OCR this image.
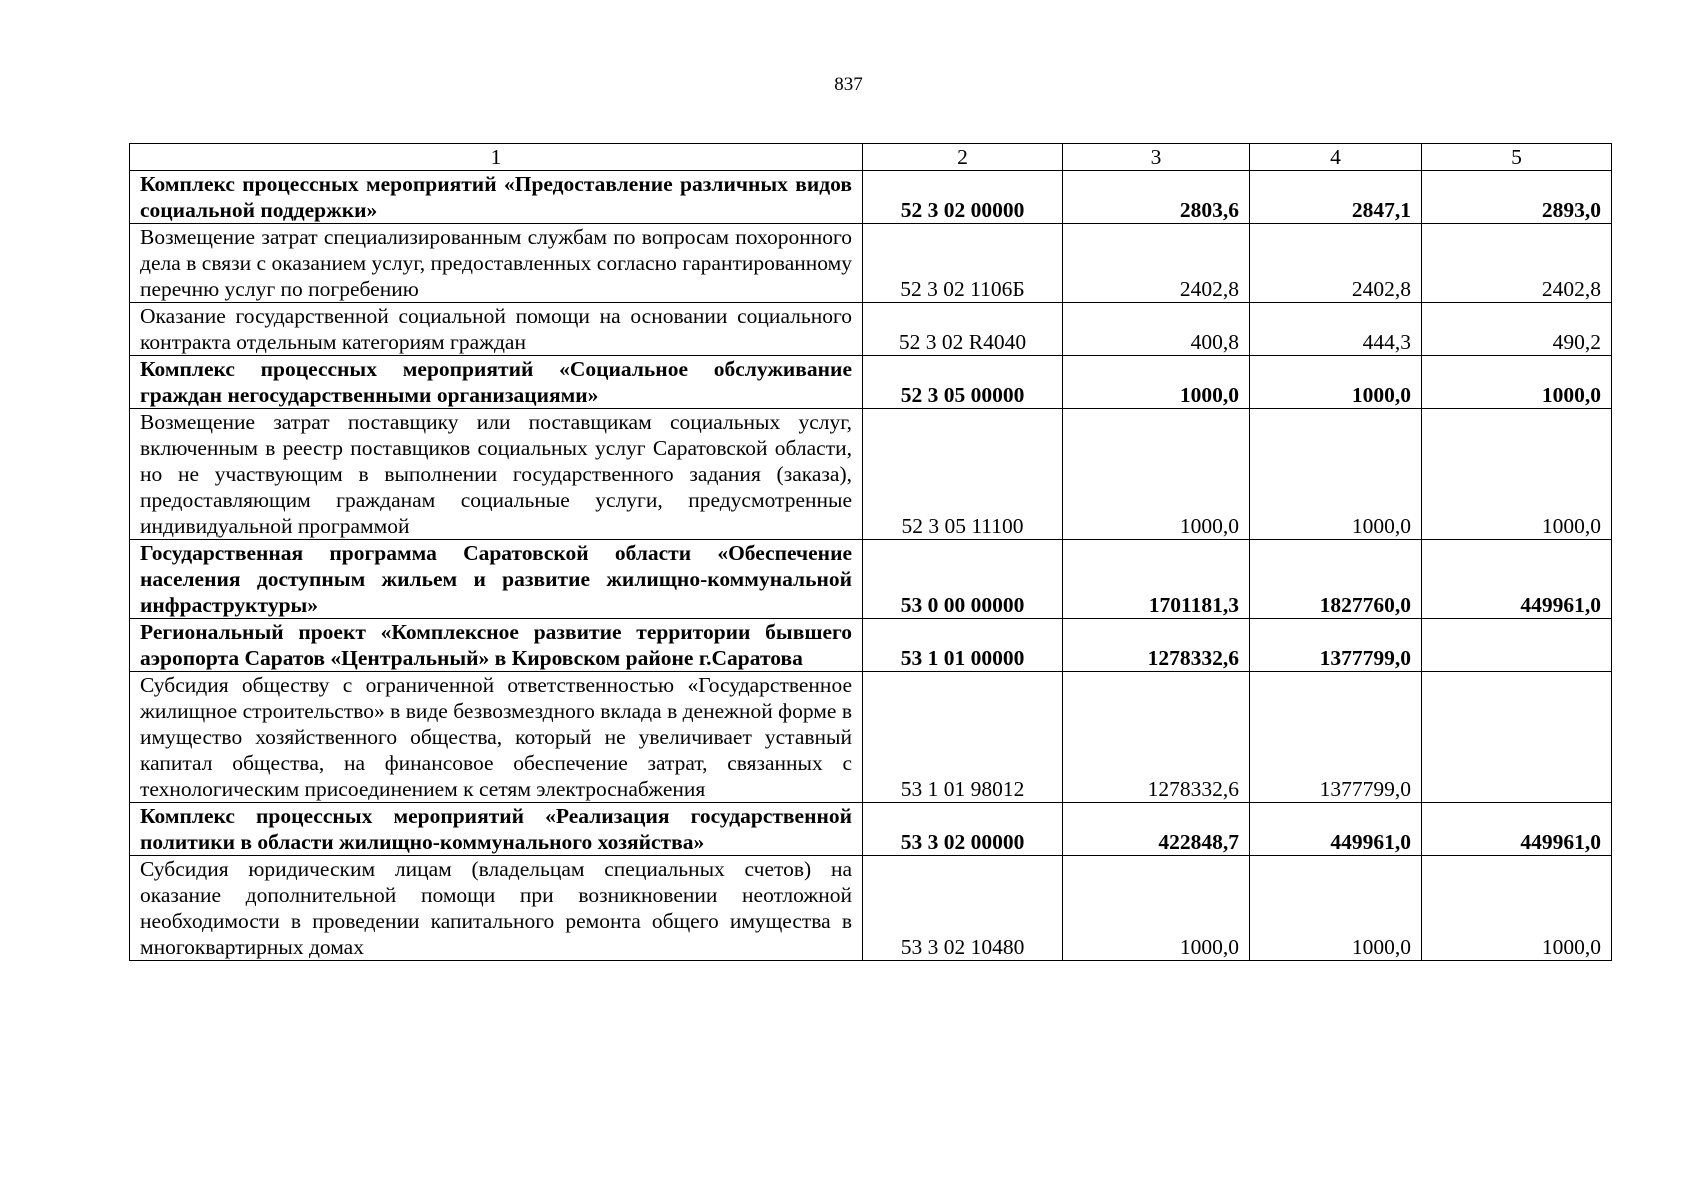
837
1	2	3	4	5
Комплекс процессных мероприятий «Предоставление различных видов социальной поддержки»	52 3 02 00000	2803,6	2847,1	2893,0
Возмещение затрат специализированным службам по вопросам похоронного дела в связи с оказанием услуг, предоставленных согласно гарантированному перечню услуг по погребению	52 3 02 1106Б	2402,8	2402,8	2402,8
Оказание государственной социальной помощи на основании социального контракта отдельным категориям граждан	52 3 02 R4040	400,8	444,3	490,2
Комплекс процессных мероприятий «Социальное обслуживание граждан негосударственными организациями»	52 3 05 00000	1000,0	1000,0	1000,0
Возмещение затрат поставщику или поставщикам социальных услуг, включенным в реестр поставщиков социальных услуг Саратовской области, но не участвующим в выполнении государственного задания (заказа), предоставляющим гражданам социальные услуги, предусмотренные индивидуальной программой	52 3 05 11100	1000,0	1000,0	1000,0
Государственная программа Саратовской области «Обеспечение населения доступным жильем и развитие жилищно-коммунальной инфраструктуры»	53 0 00 00000	1701181,3	1827760,0	449961,0
Региональный проект «Комплексное развитие территории бывшего аэропорта Саратов «Центральный» в Кировском районе г.Саратова	53 1 01 00000	1278332,6	1377799,0	
Субсидия обществу с ограниченной ответственностью «Государственное жилищное строительство» в виде безвозмездного вклада в денежной форме в имущество хозяйственного общества, который не увеличивает уставный капитал общества, на финансовое обеспечение затрат, связанных с технологическим присоединением к сетям электроснабжения	53 1 01 98012	1278332,6	1377799,0	
Комплекс процессных мероприятий «Реализация государственной политики в области жилищно-коммунального хозяйства»	53 3 02 00000	422848,7	449961,0	449961,0
Субсидия юридическим лицам (владельцам специальных счетов) на оказание дополнительной помощи при возникновении неотложной необходимости в проведении капитального ремонта общего имущества в многоквартирных домах	53 3 02 10480	1000,0	1000,0	1000,0
